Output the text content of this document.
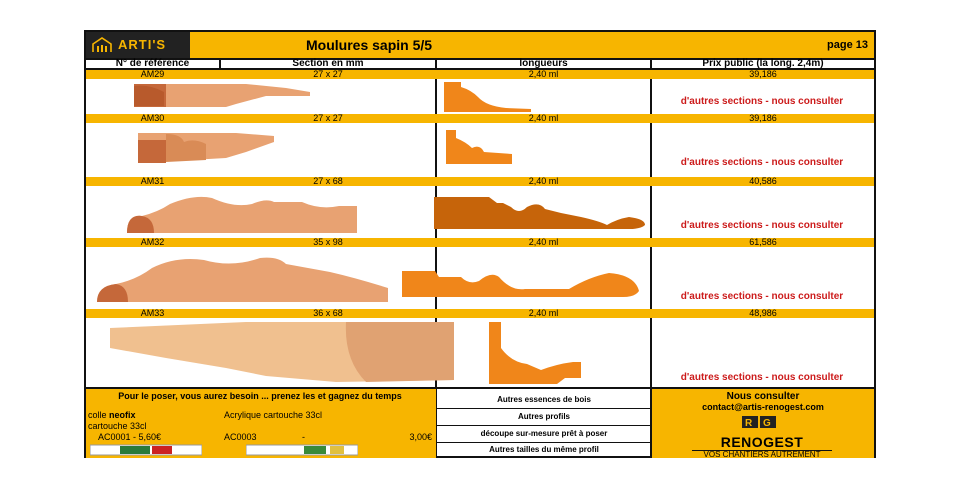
ARTI'S	Moulures sapin 5/5	page 13
N° de référence	Section en mm	longueurs	Prix public (la long. 2,4m)
AM29	27 x 27	2,40 ml	39,186
AM30	27 x 27	2,40 ml	39,186
AM31	27 x 68	2,40 ml	40,586
AM32	35 x 98	2,40 ml	61,586
AM33	36 x 68	2,40 ml	48,986
d'autres sections - nous consulter
d'autres sections - nous consulter
d'autres sections - nous consulter
d'autres sections - nous consulter
d'autres sections - nous consulter
Pour le poser, vous aurez besoin ... prenez les et gagnez du temps
colle neofix
cartouche 33cl
AC0001 - 5,60€
Acrylique cartouche 33cl

AC0003	-	3,00€
Autres essences de bois
Autres profils
découpe sur-mesure prêt à poser
Autres tailles du même profil
Nous consulter
contact@artis-renogest.com
R G
RENOGEST
VOS CHANTIERS AUTREMENT
